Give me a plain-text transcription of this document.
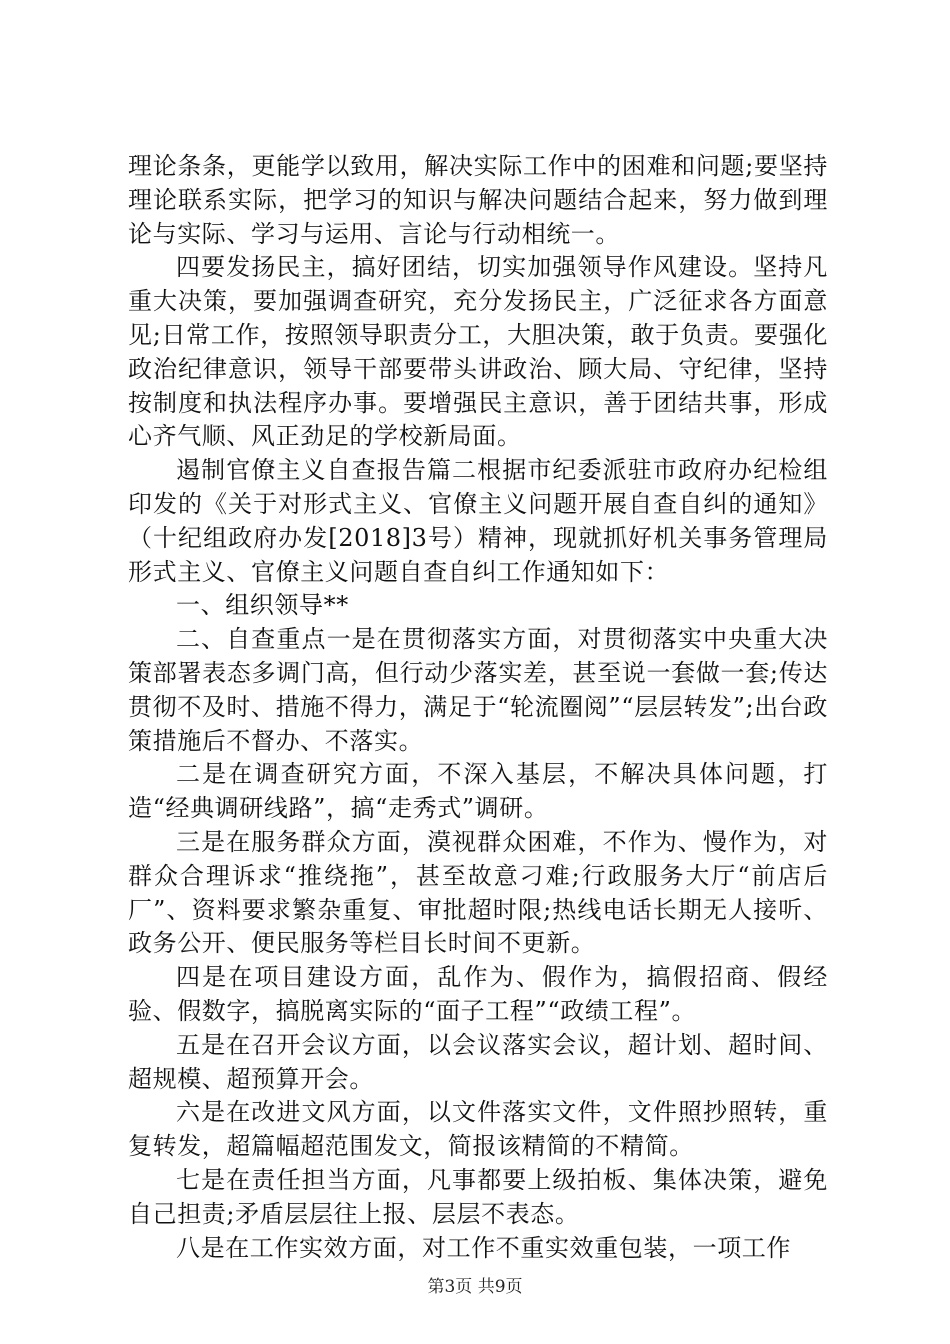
理论条条，更能学以致用，解决实际工作中的困难和问题;要坚持理论联系实际，把学习的知识与解决问题结合起来，努力做到理论与实际、学习与运用、言论与行动相统一。

四要发扬民主，搞好团结，切实加强领导作风建设。坚持凡重大决策，要加强调查研究，充分发扬民主，广泛征求各方面意见;日常工作，按照领导职责分工，大胆决策，敢于负责。要强化政治纪律意识，领导干部要带头讲政治、顾大局、守纪律，坚持按制度和执法程序办事。要增强民主意识，善于团结共事，形成心齐气顺、风正劲足的学校新局面。

遏制官僚主义自查报告篇二根据市纪委派驻市政府办纪检组印发的《关于对形式主义、官僚主义问题开展自查自纠的通知》（十纪组政府办发[2018]3号）精神，现就抓好机关事务管理局形式主义、官僚主义问题自查自纠工作通知如下：

一、组织领导**

二、自查重点一是在贯彻落实方面，对贯彻落实中央重大决策部署表态多调门高，但行动少落实差，甚至说一套做一套;传达贯彻不及时、措施不得力，满足于“轮流圈阅”“层层转发”;出台政策措施后不督办、不落实。

二是在调查研究方面，不深入基层，不解决具体问题，打造“经典调研线路”，搞“走秀式”调研。

三是在服务群众方面，漠视群众困难，不作为、慢作为，对群众合理诉求“推绕拖”，甚至故意刁难;行政服务大厅“前店后厂”、资料要求繁杂重复、审批超时限;热线电话长期无人接听、政务公开、便民服务等栏目长时间不更新。

四是在项目建设方面，乱作为、假作为，搞假招商、假经验、假数字，搞脱离实际的“面子工程”“政绩工程”。

五是在召开会议方面，以会议落实会议，超计划、超时间、超规模、超预算开会。

六是在改进文风方面，以文件落实文件，文件照抄照转，重复转发，超篇幅超范围发文，简报该精简的不精简。

七是在责任担当方面，凡事都要上级拍板、集体决策，避免自己担责;矛盾层层往上报、层层不表态。

八是在工作实效方面，对工作不重实效重包装，一项工作

第3页 共9页
